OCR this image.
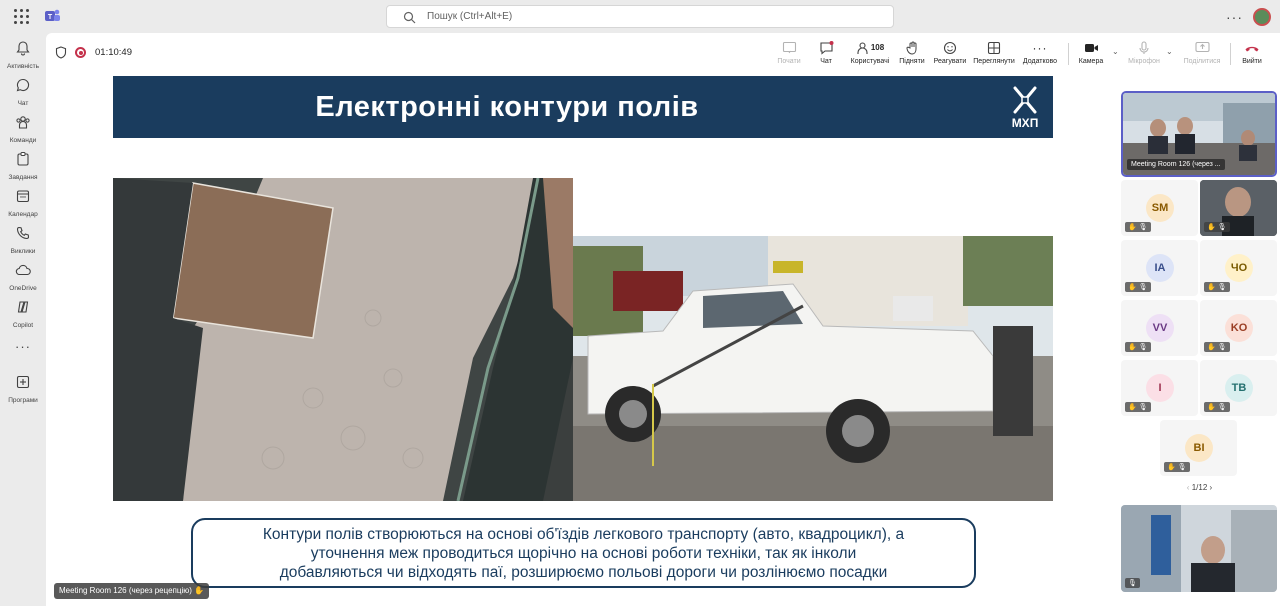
T	Пошук (Ctrl+Alt+E)	···
Активність
Чат
Команди
Завдання
Календар
Виклики
OneDrive
Copilot
···
Програми
01:10:49
Почати	Чат
108
Користувачі	Підняти	Реагувати Переглянути
···
Додатково	Камера
⌄
Мікрофон
⌄
Поділитися	Вийти
Електронні контури полів	МХП

Контури полів створюються на основі об'їздів легкового транспорту (авто, квадроцикл), а

уточнення меж проводиться щорічно на основі роботи техніки, так як інколи

добавляються чи відходять паї, розширюємо польові дороги чи розлінюємо посадки

Meeting Room 126 (через рецепцію) ✋
Meeting Room 126 (через ...
SM
✋ 🎙	✋ 🎙
IA
✋ 🎙
ЧО
✋ 🎙
VV
✋ 🎙
KO
✋ 🎙
I
✋ 🎙
ТВ
✋ 🎙
ВІ
✋ 🎙
‹ 1/12 ›
🎙
